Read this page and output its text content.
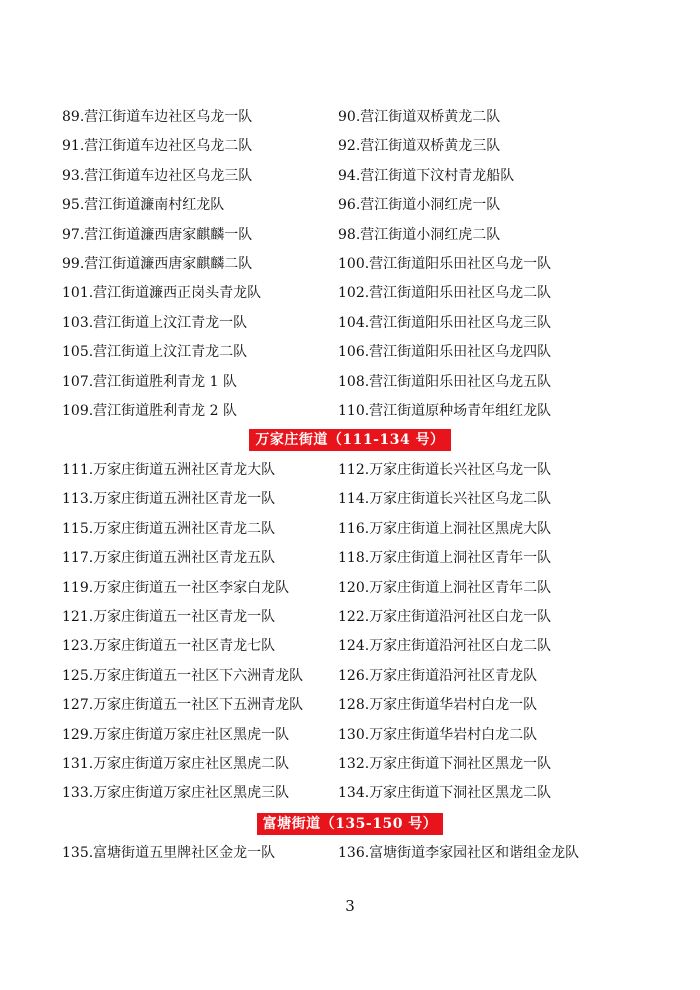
89.营江街道车边社区乌龙一队	90.营江街道双桥黄龙二队
91.营江街道车边社区乌龙二队	92.营江街道双桥黄龙三队
93.营江街道车边社区乌龙三队	94.营江街道下汶村青龙船队
95.营江街道濂南村红龙队	96.营江街道小洞红虎一队
97.营江街道濂西唐家麒麟一队	98.营江街道小洞红虎二队
99.营江街道濂西唐家麒麟二队	100.营江街道阳乐田社区乌龙一队
101.营江街道濂西正岗头青龙队	102.营江街道阳乐田社区乌龙二队
103.营江街道上汶江青龙一队	104.营江街道阳乐田社区乌龙三队
105.营江街道上汶江青龙二队	106.营江街道阳乐田社区乌龙四队
107.营江街道胜利青龙 1 队	108.营江街道阳乐田社区乌龙五队
109.营江街道胜利青龙 2 队	110.营江街道原种场青年组红龙队
万家庄街道（111-134 号）
111.万家庄街道五洲社区青龙大队	112.万家庄街道长兴社区乌龙一队
113.万家庄街道五洲社区青龙一队	114.万家庄街道长兴社区乌龙二队
115.万家庄街道五洲社区青龙二队	116.万家庄街道上洞社区黑虎大队
117.万家庄街道五洲社区青龙五队	118.万家庄街道上洞社区青年一队
119.万家庄街道五一社区李家白龙队	120.万家庄街道上洞社区青年二队
121.万家庄街道五一社区青龙一队	122.万家庄街道沿河社区白龙一队
123.万家庄街道五一社区青龙七队	124.万家庄街道沿河社区白龙二队
125.万家庄街道五一社区下六洲青龙队	126.万家庄街道沿河社区青龙队
127.万家庄街道五一社区下五洲青龙队	128.万家庄街道华岩村白龙一队
129.万家庄街道万家庄社区黑虎一队	130.万家庄街道华岩村白龙二队
131.万家庄街道万家庄社区黑虎二队	132.万家庄街道下洞社区黑龙一队
133.万家庄街道万家庄社区黑虎三队	134.万家庄街道下洞社区黑龙二队
富塘街道（135-150 号）
135.富塘街道五里牌社区金龙一队	136.富塘街道李家园社区和谐组金龙队
3
